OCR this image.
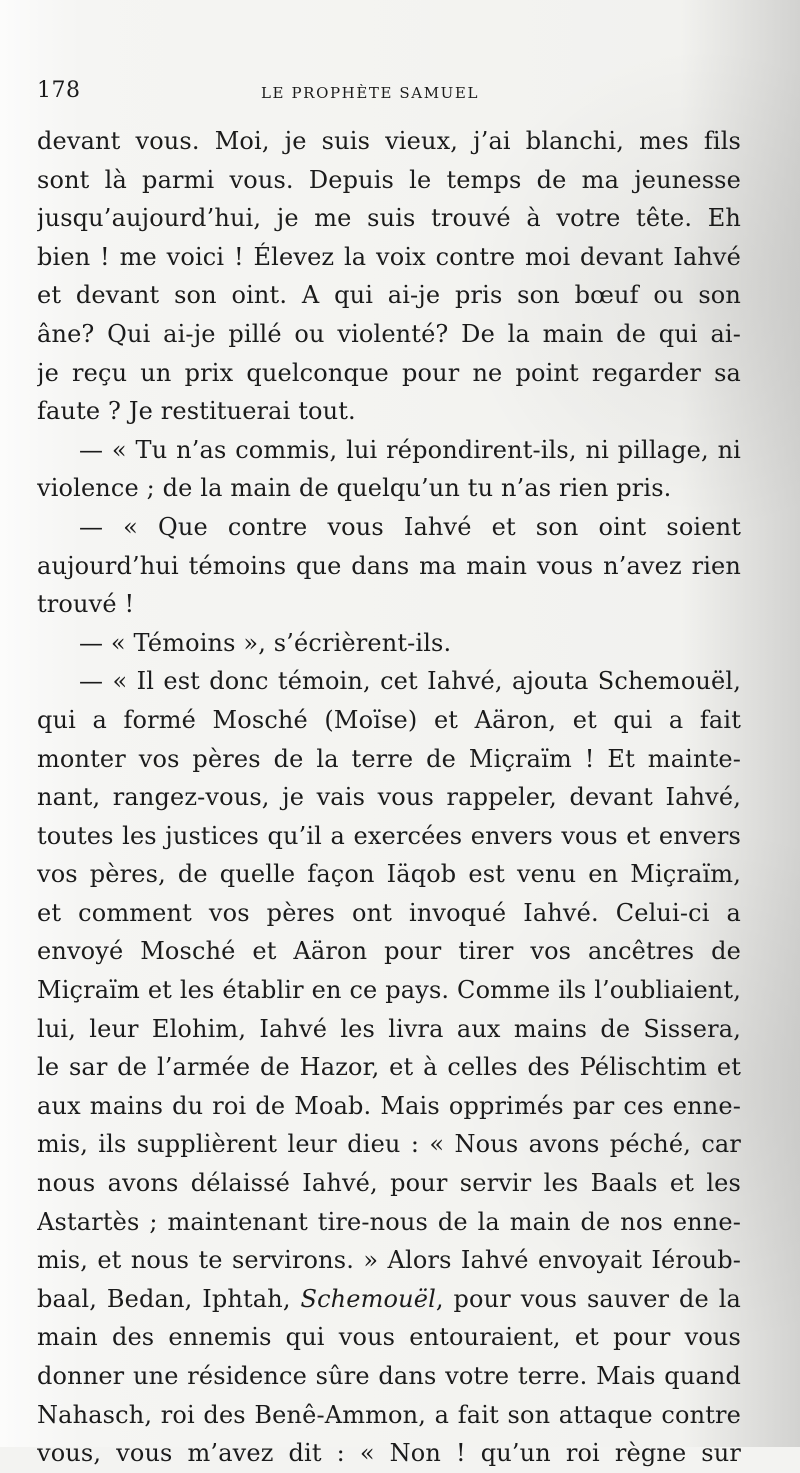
178	LE PROPHÈTE SAMUEL
devant vous. Moi, je suis vieux, j’ai blanchi, mes fils
sont là parmi vous. Depuis le temps de ma jeunesse
jusqu’aujourd’hui, je me suis trouvé à votre tête. Eh
bien ! me voici ! Élevez la voix contre moi devant Iahvé
et devant son oint. A qui ai-je pris son bœuf ou son
âne? Qui ai-je pillé ou violenté? De la main de qui ai-
je reçu un prix quelconque pour ne point regarder sa
faute ? Je restituerai tout.
— « Tu n’as commis, lui répondirent-ils, ni pillage, ni
violence ; de la main de quelqu’un tu n’as rien pris.
— « Que contre vous Iahvé et son oint soient
aujourd’hui témoins que dans ma main vous n’avez rien
trouvé !
— « Témoins », s’écrièrent-ils.
— « Il est donc témoin, cet Iahvé, ajouta Schemouël,
qui a formé Mosché (Moïse) et Aäron, et qui a fait
monter vos pères de la terre de Miçraïm ! Et mainte-
nant, rangez-vous, je vais vous rappeler, devant Iahvé,
toutes les justices qu’il a exercées envers vous et envers
vos pères, de quelle façon Iäqob est venu en Miçraïm,
et comment vos pères ont invoqué Iahvé. Celui-ci a
envoyé Mosché et Aäron pour tirer vos ancêtres de
Miçraïm et les établir en ce pays. Comme ils l’oubliaient,
lui, leur Elohim, Iahvé les livra aux mains de Sissera,
le sar de l’armée de Hazor, et à celles des Pélischtim et
aux mains du roi de Moab. Mais opprimés par ces enne-
mis, ils supplièrent leur dieu : « Nous avons péché, car
nous avons délaissé Iahvé, pour servir les Baals et les
Astartès ; maintenant tire-nous de la main de nos enne-
mis, et nous te servirons. » Alors Iahvé envoyait Iéroub-
baal, Bedan, Iphtah, Schemouël, pour vous sauver de la
main des ennemis qui vous entouraient, et pour vous
donner une résidence sûre dans votre terre. Mais quand
Nahasch, roi des Benê-Ammon, a fait son attaque contre
vous, vous m’avez dit : « Non ! qu’un roi règne sur
